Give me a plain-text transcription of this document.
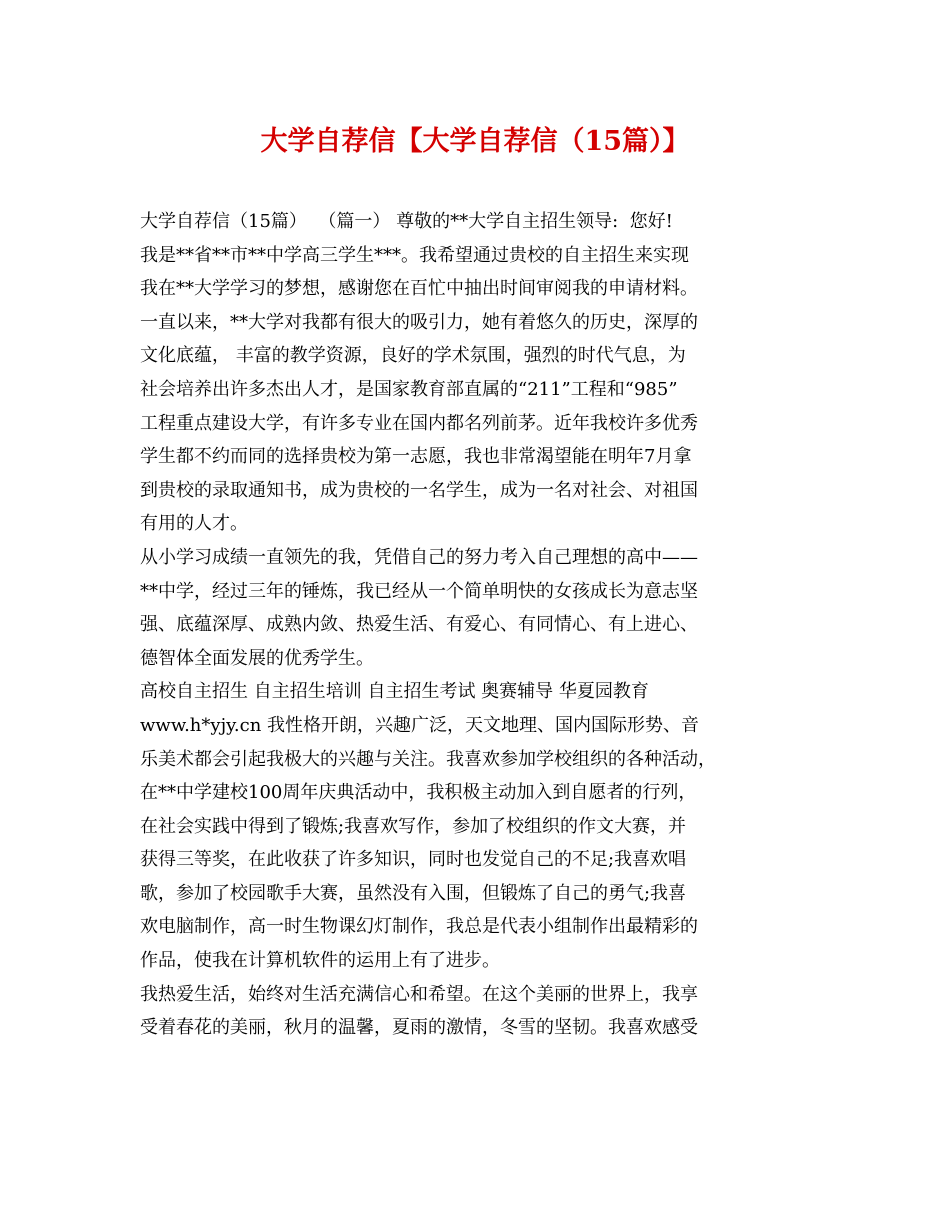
大学自荐信【大学自荐信（15篇）】
大学自荐信（15篇）  （篇一） 尊敬的**大学自主招生领导:  您好!
我是**省**市**中学高三学生***。我希望通过贵校的自主招生来实现
我在**大学学习的梦想，感谢您在百忙中抽出时间审阅我的申请材料。
一直以来，**大学对我都有很大的吸引力，她有着悠久的历史，深厚的
文化底蕴， 丰富的教学资源，良好的学术氛围，强烈的时代气息，为
社会培养出许多杰出人才，是国家教育部直属的“211”工程和“985”
工程重点建设大学，有许多专业在国内都名列前茅。近年我校许多优秀
学生都不约而同的选择贵校为第一志愿，我也非常渴望能在明年7月拿
到贵校的录取通知书，成为贵校的一名学生，成为一名对社会、对祖国
有用的人才。
从小学习成绩一直领先的我，凭借自己的努力考入自己理想的高中——
**中学，经过三年的锤炼，我已经从一个简单明快的女孩成长为意志坚
强、底蕴深厚、成熟内敛、热爱生活、有爱心、有同情心、有上进心、
德智体全面发展的优秀学生。
高校自主招生 自主招生培训 自主招生考试 奥赛辅导 华夏园教育
www.h*yjy.cn 我性格开朗，兴趣广泛，天文地理、国内国际形势、音
乐美术都会引起我极大的兴趣与关注。我喜欢参加学校组织的各种活动，
在**中学建校100周年庆典活动中，我积极主动加入到自愿者的行列，
在社会实践中得到了锻炼;我喜欢写作，参加了校组织的作文大赛，并
获得三等奖，在此收获了许多知识，同时也发觉自己的不足;我喜欢唱
歌，参加了校园歌手大赛，虽然没有入围，但锻炼了自己的勇气;我喜
欢电脑制作，高一时生物课幻灯制作，我总是代表小组制作出最精彩的
作品，使我在计算机软件的运用上有了进步。
我热爱生活，始终对生活充满信心和希望。在这个美丽的世界上，我享
受着春花的美丽，秋月的温馨，夏雨的激情，冬雪的坚韧。我喜欢感受
